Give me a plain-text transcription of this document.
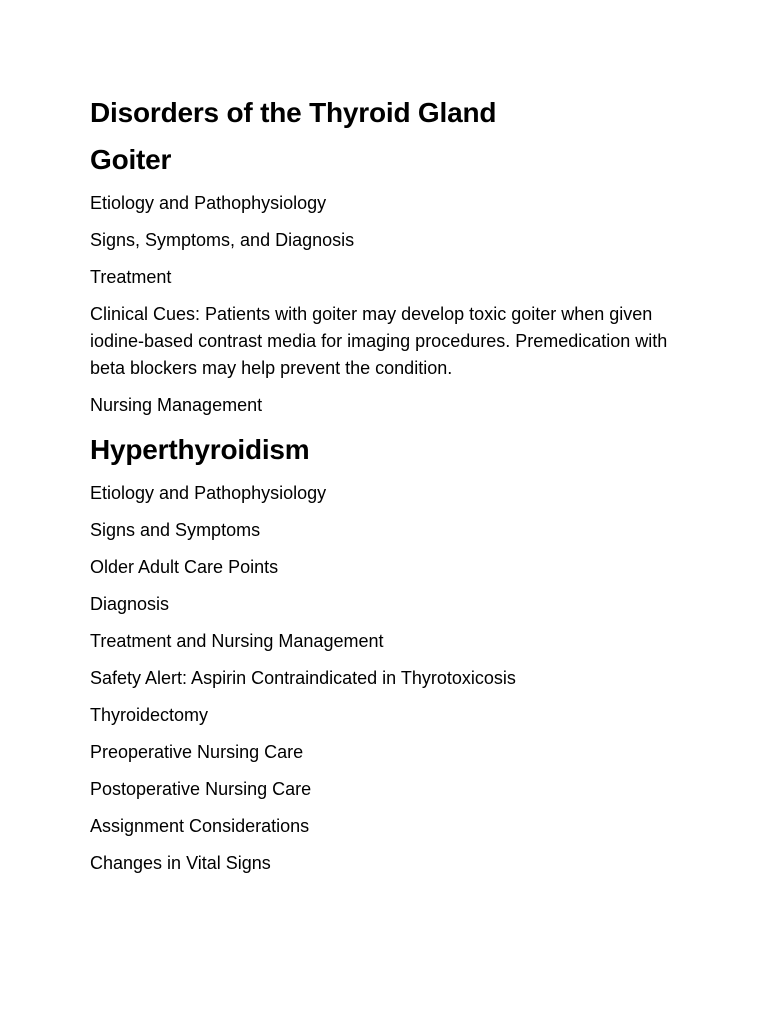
Disorders of the Thyroid Gland
Goiter

Etiology and Pathophysiology

Signs, Symptoms, and Diagnosis

Treatment

Clinical Cues: Patients with goiter may develop toxic goiter when given iodine-based contrast media for imaging procedures. Premedication with beta blockers may help prevent the condition.

Nursing Management

Hyperthyroidism

Etiology and Pathophysiology

Signs and Symptoms

Older Adult Care Points

Diagnosis

Treatment and Nursing Management

Safety Alert: Aspirin Contraindicated in Thyrotoxicosis

Thyroidectomy

Preoperative Nursing Care

Postoperative Nursing Care

Assignment Considerations

Changes in Vital Signs
